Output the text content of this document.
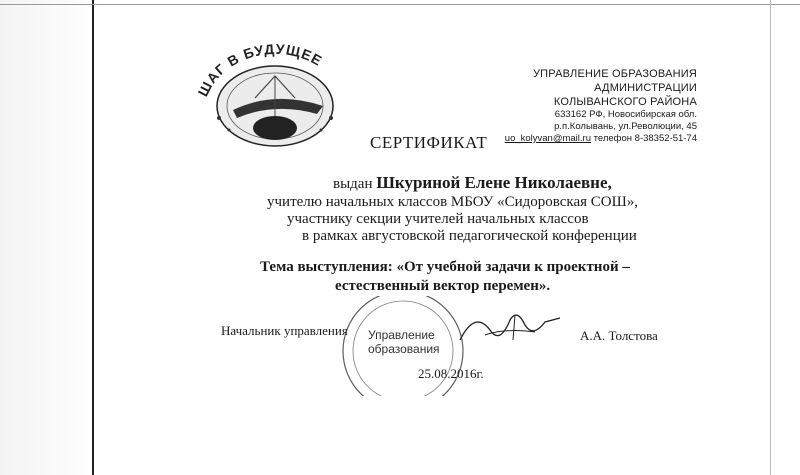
ШАГ В БУДУЩЕЕ
УПРАВЛЕНИЕ ОБРАЗОВАНИЯ
АДМИНИСТРАЦИИ
КОЛЫВАНСКОГО РАЙОНА
633162 РФ, Новосибирская обл.
р.п.Колывань, ул.Революции, 45
uo_kolyvan@mail.ru телефон 8-38352-51-74
СЕРТИФИКАТ
выдан Шкуриной Елене Николаевне,
учителю начальных классов МБОУ «Сидоровская СОШ»,
участнику секции учителей начальных классов
в рамках августовской педагогической конференции
Тема выступления: «От учебной задачи к проектной –
естественный вектор перемен».
Начальник управления	А.А. Толстова
Управление образования
25.08.2016г.
